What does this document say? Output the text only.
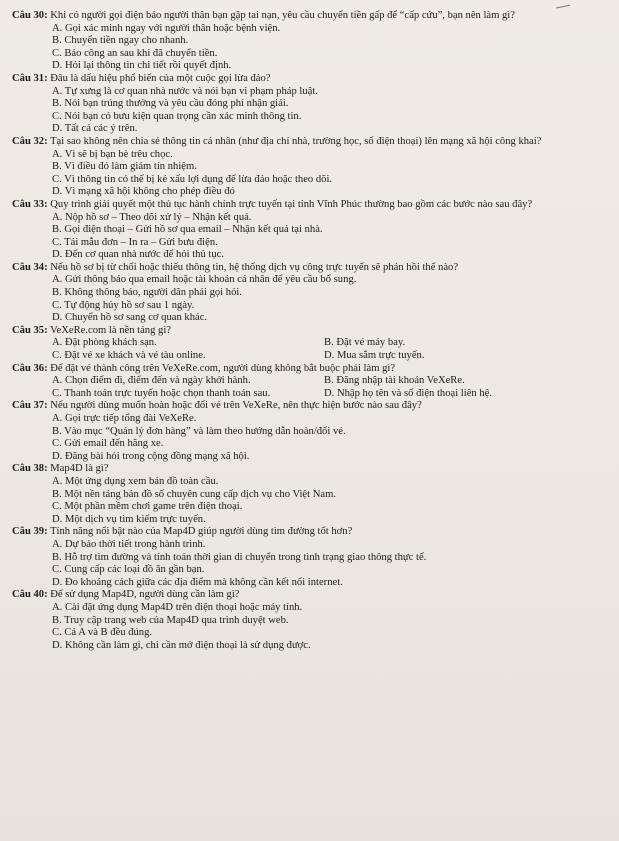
Câu 30: Khi có người gọi điện báo người thân bạn gặp tai nạn, yêu cầu chuyển tiền gấp để “cấp cứu”, bạn nên làm gì?

A. Gọi xác minh ngay với người thân hoặc bệnh viện.

B. Chuyển tiền ngay cho nhanh.

C. Báo công an sau khi đã chuyển tiền.

D. Hỏi lại thông tin chi tiết rồi quyết định.

Câu 31: Đâu là dấu hiệu phổ biến của một cuộc gọi lừa đảo?

A. Tự xưng là cơ quan nhà nước và nói bạn vi phạm pháp luật.

B. Nói bạn trúng thưởng và yêu cầu đóng phí nhận giải.

C. Nói bạn có bưu kiện quan trọng cần xác minh thông tin.

D. Tất cả các ý trên.

Câu 32: Tại sao không nên chia sẻ thông tin cá nhân (như địa chỉ nhà, trường học, số điện thoại) lên mạng xã hội công khai?

A. Vì sẽ bị bạn bè trêu chọc.

B. Vì điều đó làm giảm tín nhiệm.

C. Vì thông tin có thể bị kẻ xấu lợi dụng để lừa đảo hoặc theo dõi.

D. Vì mạng xã hội không cho phép điều đó

Câu 33: Quy trình giải quyết một thủ tục hành chính trực tuyến tại tỉnh Vĩnh Phúc thường bao gồm các bước nào sau đây?

A. Nộp hồ sơ – Theo dõi xử lý – Nhận kết quả.

B. Gọi điện thoại – Gửi hồ sơ qua email – Nhận kết quả tại nhà.

C. Tải mẫu đơn – In ra – Gửi bưu điện.

D. Đến cơ quan nhà nước để hỏi thủ tục.

Câu 34: Nếu hồ sơ bị từ chối hoặc thiếu thông tin, hệ thống dịch vụ công trực tuyến sẽ phản hồi thế nào?

A. Gửi thông báo qua email hoặc tài khoản cá nhân để yêu cầu bổ sung.

B. Không thông báo, người dân phải gọi hỏi.

C. Tự động hủy hồ sơ sau 1 ngày.

D. Chuyển hồ sơ sang cơ quan khác.

Câu 35: VeXeRe.com là nền tảng gì?

A. Đặt phòng khách sạn.	B. Đặt vé máy bay.

C. Đặt vé xe khách và vé tàu online.	D. Mua sắm trực tuyến.

Câu 36: Để đặt vé thành công trên VeXeRe.com, người dùng không bắt buộc phải làm gì?

A. Chọn điểm đi, điểm đến và ngày khởi hành.	B. Đăng nhập tài khoản VeXeRe.

C. Thanh toán trực tuyến hoặc chọn thanh toán sau.	D. Nhập họ tên và số điện thoại liên hệ.

Câu 37: Nếu người dùng muốn hoàn hoặc đổi vé trên VeXeRe, nên thực hiện bước nào sau đây?

A. Gọi trực tiếp tổng đài VeXeRe.

B. Vào mục “Quản lý đơn hàng” và làm theo hướng dẫn hoàn/đổi vé.

C. Gửi email đến hãng xe.

D. Đăng bài hỏi trong cộng đồng mạng xã hội.

Câu 38: Map4D là gì?

A. Một ứng dụng xem bản đồ toàn cầu.

B. Một nền tảng bản đồ số chuyên cung cấp dịch vụ cho Việt Nam.

C. Một phần mềm chơi game trên điện thoại.

D. Một dịch vụ tìm kiếm trực tuyến.

Câu 39: Tính năng nổi bật nào của Map4D giúp người dùng tìm đường tốt hơn?

A. Dự báo thời tiết trong hành trình.

B. Hỗ trợ tìm đường và tính toán thời gian di chuyển trong tình trạng giao thông thực tế.

C. Cung cấp các loại đồ ăn gần bạn.

D. Đo khoảng cách giữa các địa điểm mà không cần kết nối internet.

Câu 40: Để sử dụng Map4D, người dùng cần làm gì?

A. Cài đặt ứng dụng Map4D trên điện thoại hoặc máy tính.

B. Truy cập trang web của Map4D qua trình duyệt web.

C. Cả A và B đều đúng.

D. Không cần làm gì, chỉ cần mở điện thoại là sử dụng được.
